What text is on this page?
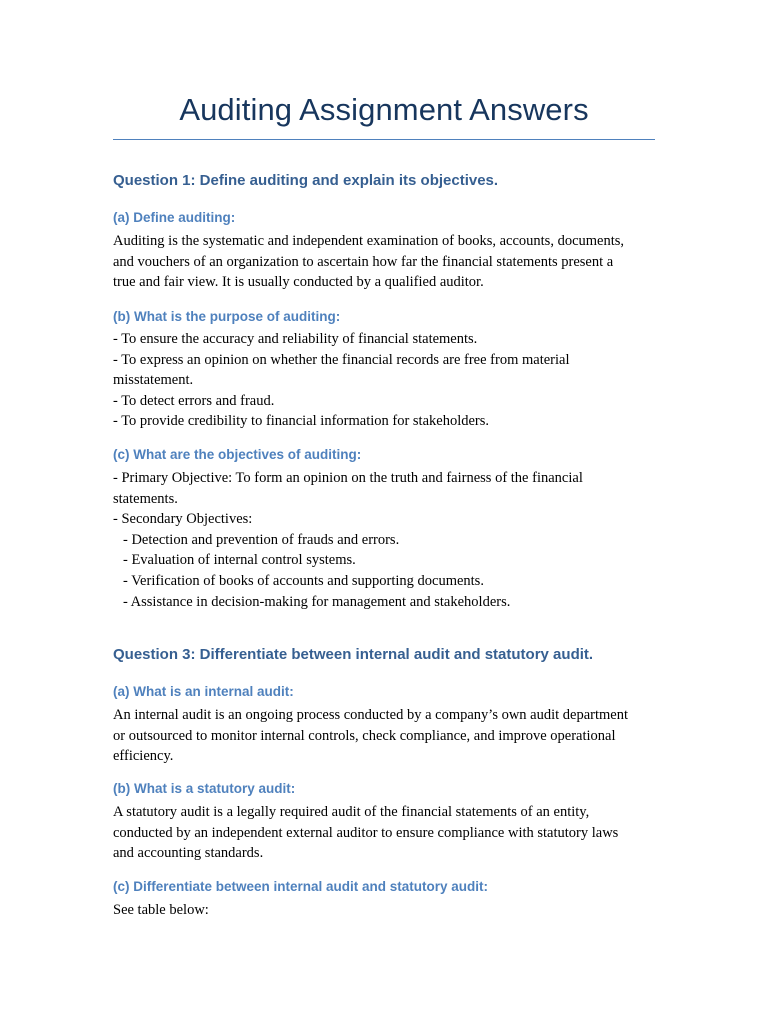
Auditing Assignment Answers
Question 1: Define auditing and explain its objectives.
(a) Define auditing:
Auditing is the systematic and independent examination of books, accounts, documents,
and vouchers of an organization to ascertain how far the financial statements present a
true and fair view. It is usually conducted by a qualified auditor.
(b) What is the purpose of auditing:
- To ensure the accuracy and reliability of financial statements.
- To express an opinion on whether the financial records are free from material
misstatement.
- To detect errors and fraud.
- To provide credibility to financial information for stakeholders.
(c) What are the objectives of auditing:
- Primary Objective: To form an opinion on the truth and fairness of the financial
statements.
- Secondary Objectives:
- Detection and prevention of frauds and errors.
- Evaluation of internal control systems.
- Verification of books of accounts and supporting documents.
- Assistance in decision-making for management and stakeholders.
Question 3: Differentiate between internal audit and statutory audit.
(a) What is an internal audit:
An internal audit is an ongoing process conducted by a company’s own audit department
or outsourced to monitor internal controls, check compliance, and improve operational
efficiency.
(b) What is a statutory audit:
A statutory audit is a legally required audit of the financial statements of an entity,
conducted by an independent external auditor to ensure compliance with statutory laws
and accounting standards.
(c) Differentiate between internal audit and statutory audit:
See table below:
